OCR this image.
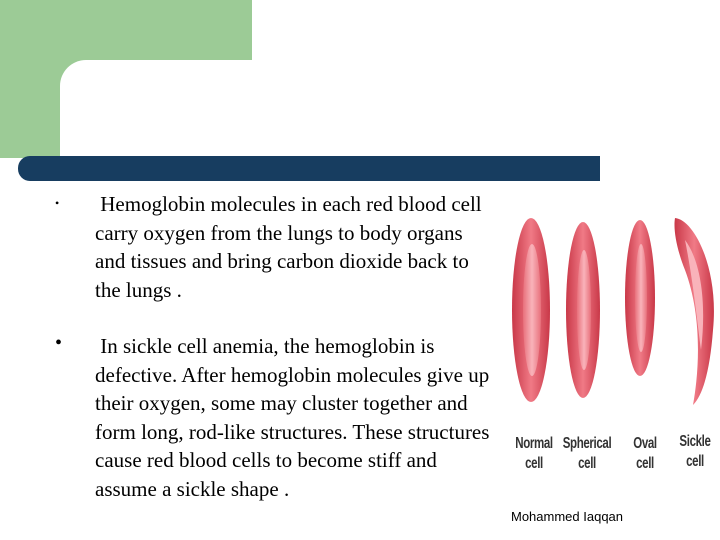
• Hemoglobin molecules in each red blood cell carry oxygen from the lungs to body organs and tissues and bring carbon dioxide back to the lungs .
• In sickle cell anemia, the hemoglobin is defective. After hemoglobin molecules give up their oxygen, some may cluster together and form long, rod-like structures. These structures cause red blood cells to become stiff and assume a sickle shape .
Normal
cell
Spherical
cell
Oval
cell
Sickle
cell
Mohammed Iaqqan
